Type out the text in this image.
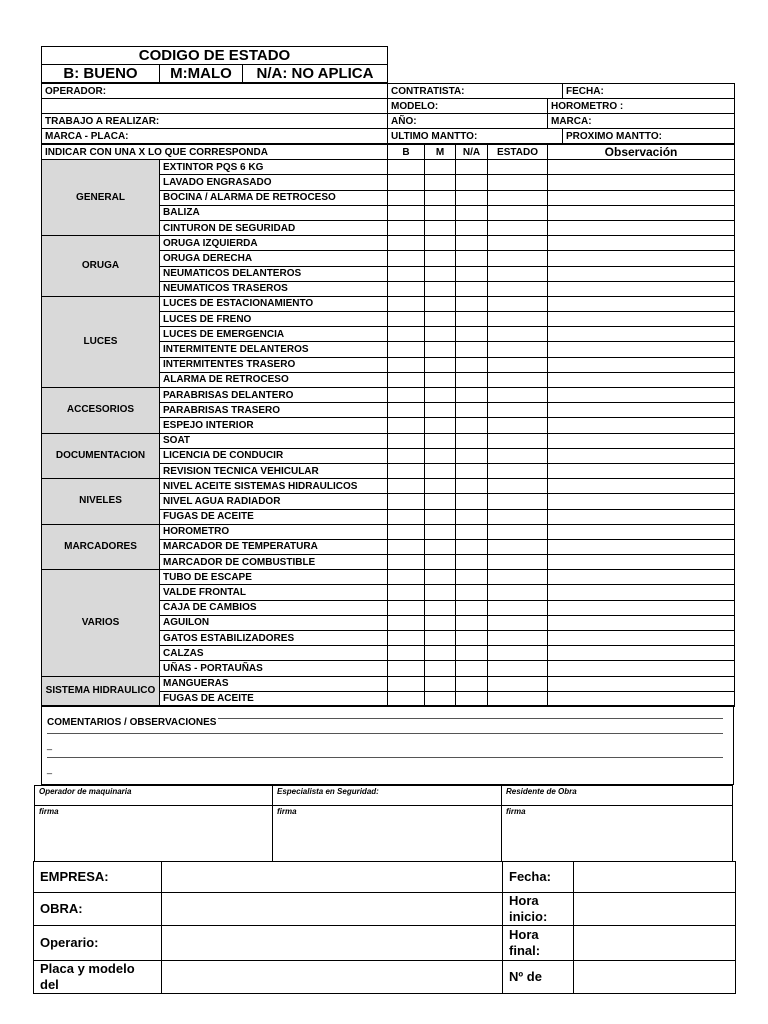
CODIGO DE ESTADO
B: BUENO	M:MALO	N/A: NO APLICA
OPERADOR:	CONTRATISTA:		FECHA:
	MODELO:	HOROMETRO :	
TRABAJO A REALIZAR:	AÑO:	MARCA:	
MARCA - PLACA:	ULTIMO MANTTO:		PROXIMO MANTTO:
INDICAR CON UNA X LO QUE CORRESPONDA		B	M	N/A	ESTADO	Observación
GENERAL	EXTINTOR PQS 6 KG					
	LAVADO ENGRASADO					
	BOCINA / ALARMA DE RETROCESO					
	BALIZA					
	CINTURON DE SEGURIDAD					
ORUGA	ORUGA IZQUIERDA					
	ORUGA DERECHA					
	NEUMATICOS DELANTEROS					
	NEUMATICOS TRASEROS					
LUCES	LUCES DE ESTACIONAMIENTO					
	LUCES DE FRENO					
	LUCES DE EMERGENCIA					
	INTERMITENTE DELANTEROS					
	INTERMITENTES TRASERO					
	ALARMA DE RETROCESO					
ACCESORIOS	PARABRISAS DELANTERO					
	PARABRISAS TRASERO					
	ESPEJO INTERIOR					
DOCUMENTACION	SOAT					
	LICENCIA DE CONDUCIR					
	REVISION TECNICA VEHICULAR					
NIVELES	NIVEL ACEITE SISTEMAS HIDRAULICOS					
	NIVEL AGUA RADIADOR					
	FUGAS DE ACEITE					
MARCADORES	HOROMETRO					
	MARCADOR DE TEMPERATURA					
	MARCADOR DE COMBUSTIBLE					
VARIOS	TUBO DE ESCAPE					
	VALDE FRONTAL					
	CAJA DE CAMBIOS					
	AGUILON					
	GATOS ESTABILIZADORES					
	CALZAS					
	UÑAS - PORTAUÑAS					
SISTEMA HIDRAULICO	MANGUERAS					
	FUGAS DE ACEITE					
COMENTARIOS / OBSERVACIONES
_
_
Operador de maquinaria	Especialista en Seguridad:	Residente de Obra
firma	firma	firma
EMPRESA:		Fecha:	
OBRA:		Hora inicio:	
Operario:		Hora final:	
Placa y modelo del		Nº de	
